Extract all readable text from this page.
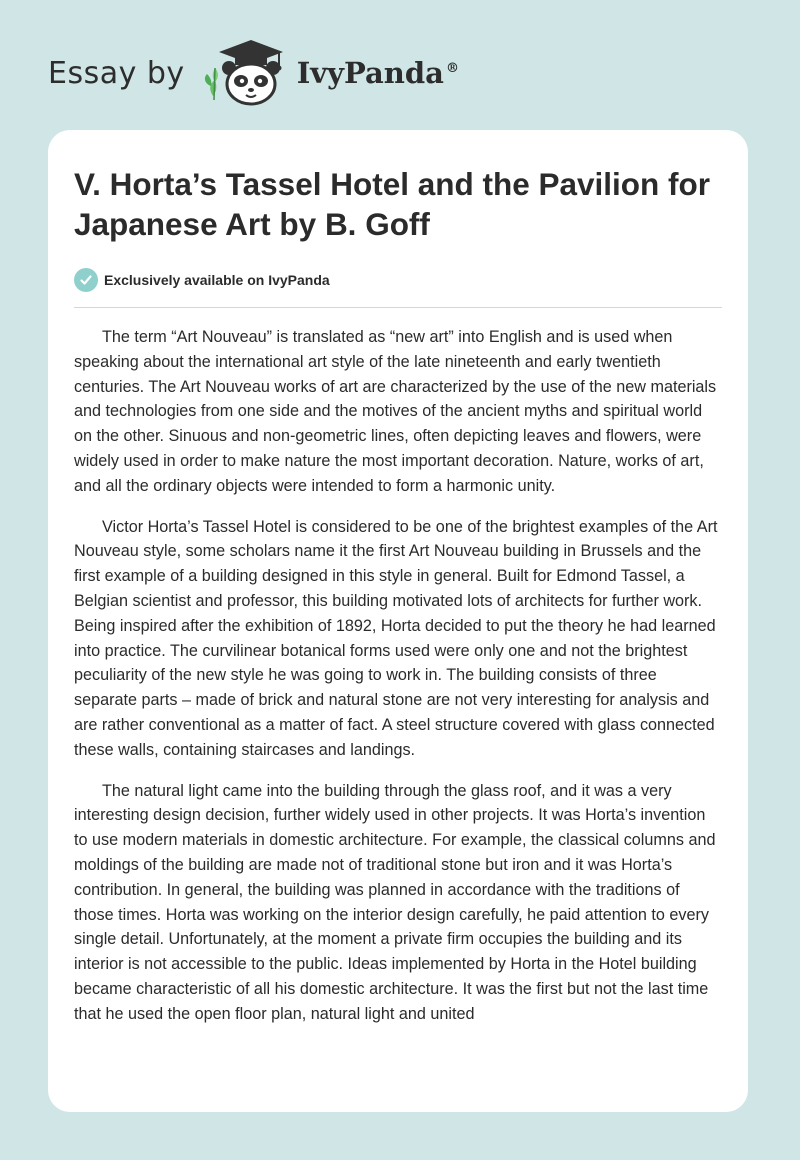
Essay by	IvyPanda ®
V. Horta’s Tassel Hotel and the Pavilion for Japanese Art by B. Goff
Exclusively available on IvyPanda

The term “Art Nouveau” is translated as “new art” into English and is used when speaking about the international art style of the late nineteenth and early twentieth centuries. The Art Nouveau works of art are characterized by the use of the new materials and technologies from one side and the motives of the ancient myths and spiritual world on the other. Sinuous and non-geometric lines, often depicting leaves and flowers, were widely used in order to make nature the most important decoration. Nature, works of art, and all the ordinary objects were intended to form a harmonic unity.

Victor Horta’s Tassel Hotel is considered to be one of the brightest examples of the Art Nouveau style, some scholars name it the first Art Nouveau building in Brussels and the first example of a building designed in this style in general. Built for Edmond Tassel, a Belgian scientist and professor, this building motivated lots of architects for further work. Being inspired after the exhibition of 1892, Horta decided to put the theory he had learned into practice. The curvilinear botanical forms used were only one and not the brightest peculiarity of the new style he was going to work in. The building consists of three separate parts – made of brick and natural stone are not very interesting for analysis and are rather conventional as a matter of fact. A steel structure covered with glass connected these walls, containing staircases and landings.

The natural light came into the building through the glass roof, and it was a very interesting design decision, further widely used in other projects. It was Horta’s invention to use modern materials in domestic architecture. For example, the classical columns and moldings of the building are made not of traditional stone but iron and it was Horta’s contribution. In general, the building was planned in accordance with the traditions of those times. Horta was working on the interior design carefully, he paid attention to every single detail. Unfortunately, at the moment a private firm occupies the building and its interior is not accessible to the public. Ideas implemented by Horta in the Hotel building became characteristic of all his domestic architecture. It was the first but not the last time that he used the open floor plan, natural light and united
